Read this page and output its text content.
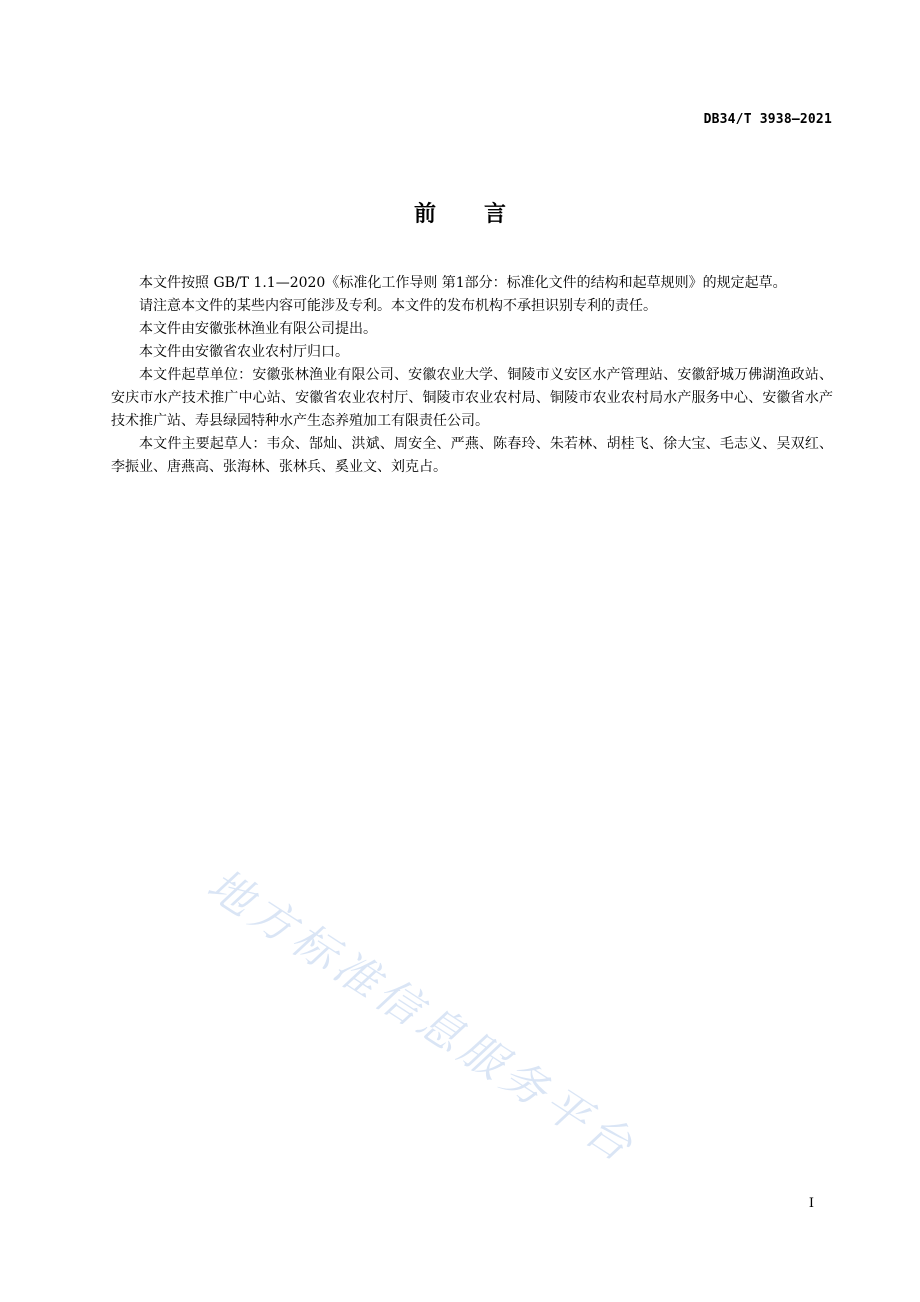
DB34/T 3938—2021
前言

本文件按照 GB/T 1.1—2020《标准化工作导则 第1部分：标准化文件的结构和起草规则》的规定起草。

请注意本文件的某些内容可能涉及专利。本文件的发布机构不承担识别专利的责任。

本文件由安徽张林渔业有限公司提出。

本文件由安徽省农业农村厅归口。

本文件起草单位：安徽张林渔业有限公司、安徽农业大学、铜陵市义安区水产管理站、安徽舒城万佛湖渔政站、安庆市水产技术推广中心站、安徽省农业农村厅、铜陵市农业农村局、铜陵市农业农村局水产服务中心、安徽省水产技术推广站、寿县绿园特种水产生态养殖加工有限责任公司。

本文件主要起草人：韦众、郜灿、洪斌、周安全、严燕、陈春玲、朱若林、胡桂飞、徐大宝、毛志义、吴双红、李振业、唐燕高、张海林、张林兵、奚业文、刘克占。

地方标准信息服务平台
I
